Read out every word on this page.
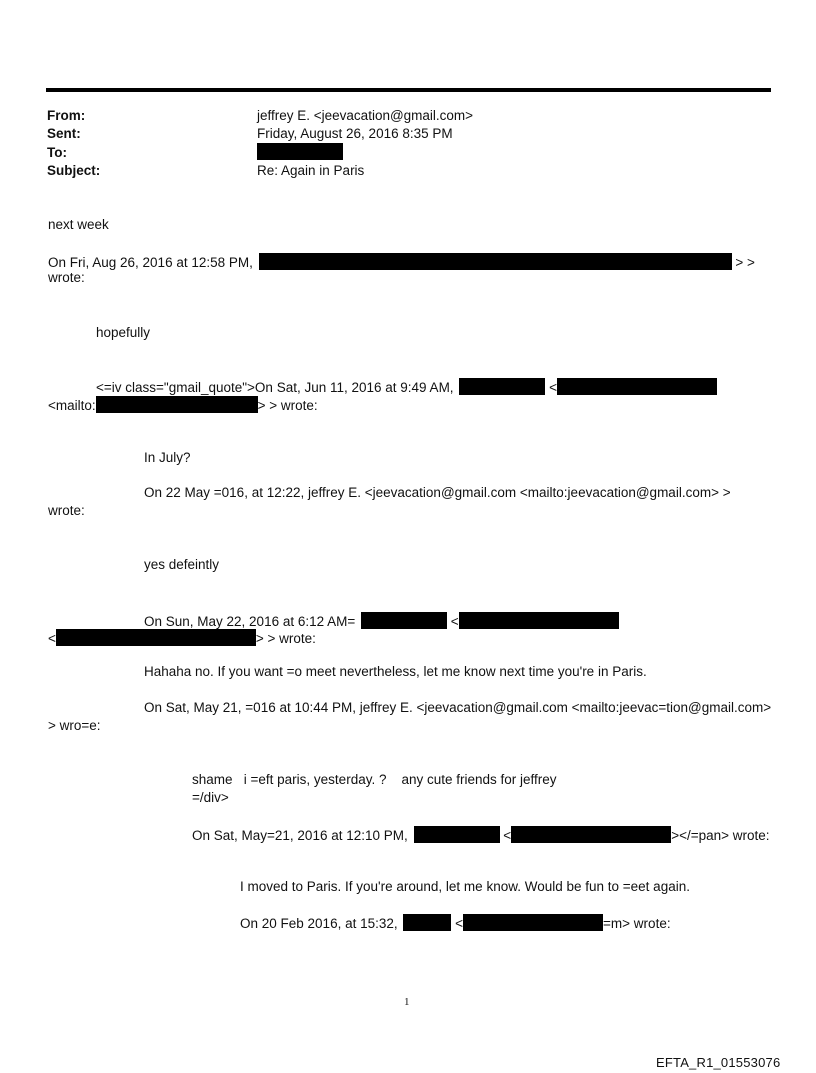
From:	jeffrey E. <jeevacation@gmail.com>
Sent:	Friday, August 26, 2016 8:35 PM
To:
Subject:	Re: Again in Paris
next week
On Fri, Aug 26, 2016 at 12:58 PM,	> >
wrote:
hopefully
<=iv class="gmail_quote">On Sat, Jun 11, 2016 at 9:49 AM,	<
<mailto:	> > wrote:
In July?
On 22 May =016, at 12:22, jeffrey E. <jeevacation@gmail.com <mailto:jeevacation@gmail.com> >
wrote:
yes defeintly
On Sun, May 22, 2016 at 6:12 AM=	<
<	> > wrote:
Hahaha no. If you want =o meet nevertheless, let me know next time you're in Paris.
On Sat, May 21, =016 at 10:44 PM, jeffrey E. <jeevacation@gmail.com <mailto:jeevac=tion@gmail.com>
> wro=e:
shame   i =eft paris, yesterday. ?    any cute friends for jeffrey
=/div>
On Sat, May=21, 2016 at 12:10 PM,	<	></=pan> wrote:
I moved to Paris. If you're around, let me know. Would be fun to =eet again.
On 20 Feb 2016, at 15:32,	<	=m> wrote:
1
EFTA_R1_01553076
